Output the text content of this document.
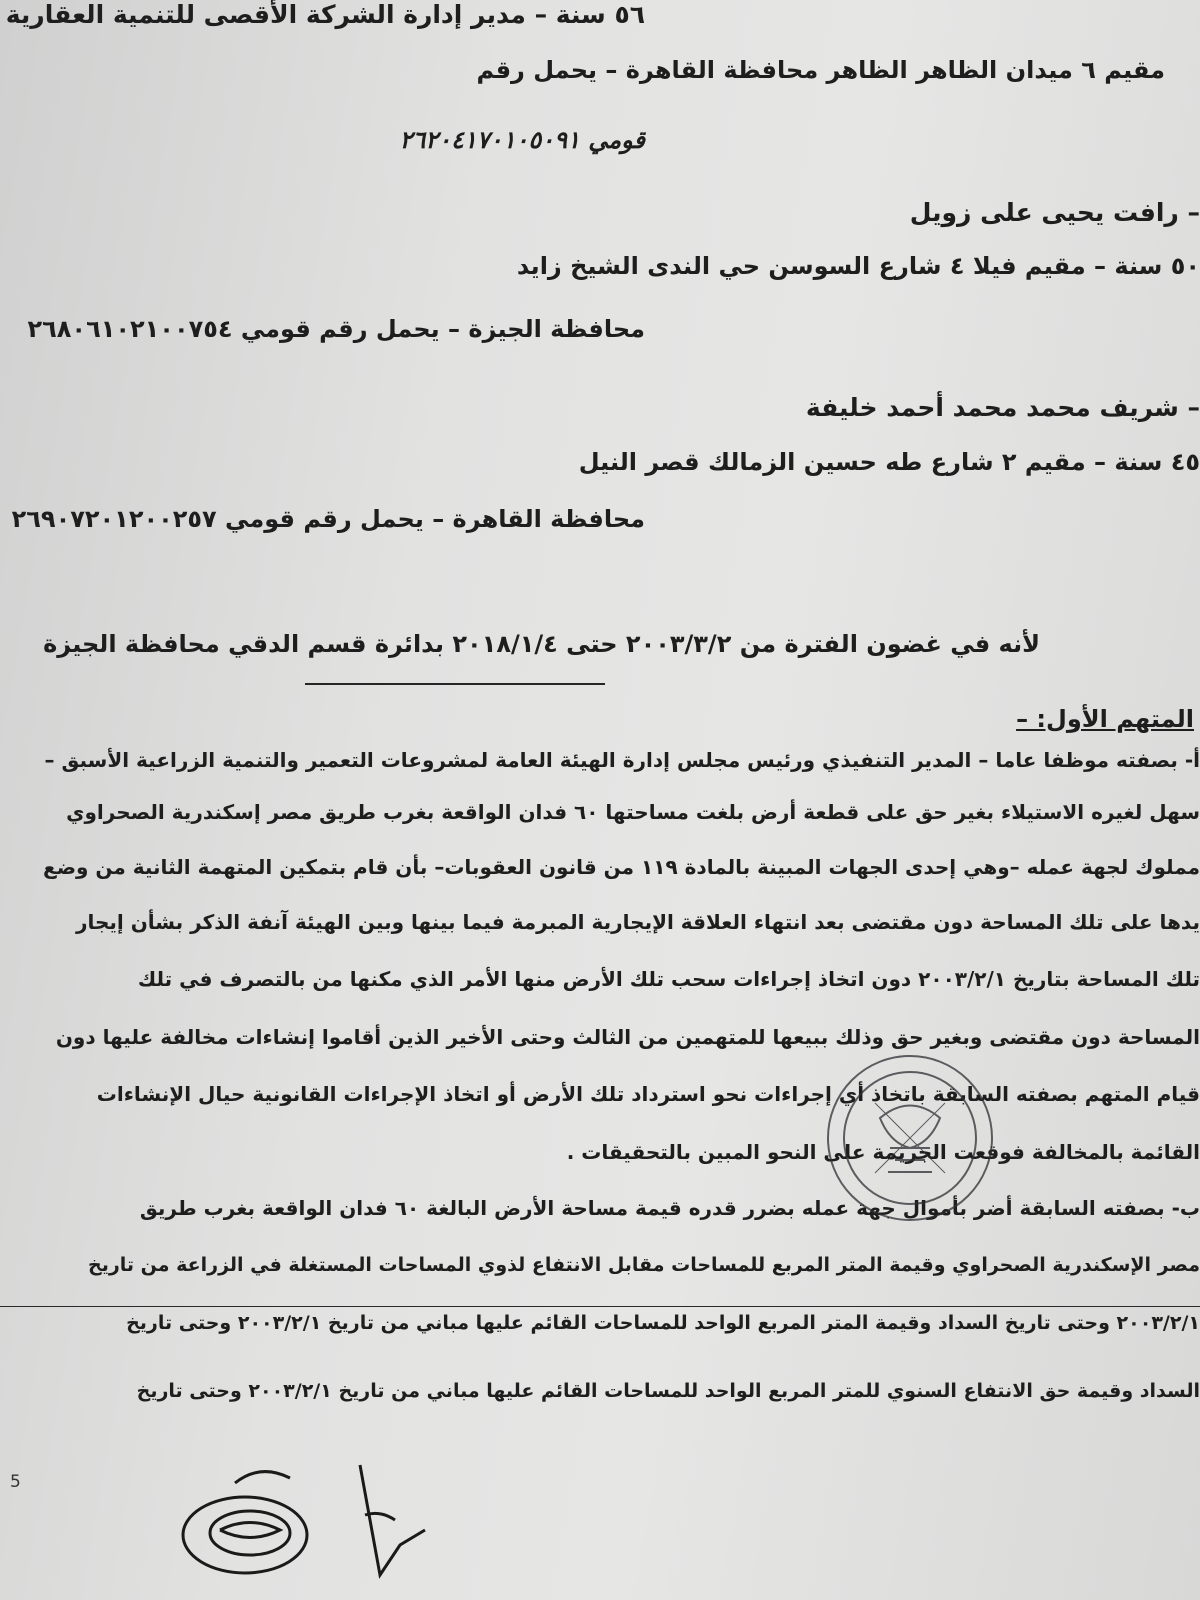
٥٦ سنة – مدير إدارة الشركة الأقصى للتنمية العقارية
مقيم ٦ ميدان الظاهر الظاهر محافظة القاهرة – يحمل رقم
قومي ٢٦٢٠٤١٧٠١٠٥٠٩١
– رافت يحيى على زويل
٥٠ سنة – مقيم فيلا ٤ شارع السوسن حي الندى الشيخ زايد
محافظة الجيزة – يحمل رقم قومي ٢٦٨٠٦١٠٢١٠٠٧٥٤
– شريف محمد محمد أحمد خليفة
٤٥ سنة – مقيم ٢ شارع طه حسين الزمالك قصر النيل
محافظة القاهرة – يحمل رقم قومي ٢٦٩٠٧٢٠١٢٠٠٢٥٧
لأنه في غضون الفترة من ٢٠٠٣/٣/٢ حتى ٢٠١٨/١/٤ بدائرة قسم الدقي محافظة الجيزة
المتهم الأول: –
أ- بصفته موظفا عاما – المدير التنفيذي ورئيس مجلس إدارة الهيئة العامة لمشروعات التعمير والتنمية الزراعية الأسبق –
سهل لغيره الاستيلاء بغير حق على قطعة أرض بلغت مساحتها ٦٠ فدان الواقعة بغرب طريق مصر إسكندرية الصحراوي
مملوك لجهة عمله –وهي إحدى الجهات المبينة بالمادة ١١٩ من قانون العقوبات– بأن قام بتمكين المتهمة الثانية من وضع
يدها على تلك المساحة دون مقتضى بعد انتهاء العلاقة الإيجارية المبرمة فيما بينها وبين الهيئة آنفة الذكر بشأن إيجار
تلك المساحة بتاريخ ٢٠٠٣/٢/١ دون اتخاذ إجراءات سحب تلك الأرض منها الأمر الذي مكنها من بالتصرف في تلك
المساحة دون مقتضى وبغير حق وذلك ببيعها للمتهمين من الثالث وحتى الأخير الذين أقاموا إنشاءات مخالفة عليها دون
قيام المتهم بصفته السابقة باتخاذ أي إجراءات نحو استرداد تلك الأرض أو اتخاذ الإجراءات القانونية حيال الإنشاءات
القائمة بالمخالفة فوقعت الجريمة على النحو المبين بالتحقيقات .
ب- بصفته السابقة أضر بأموال جهة عمله بضرر قدره قيمة مساحة الأرض البالغة ٦٠ فدان الواقعة بغرب طريق
مصر الإسكندرية الصحراوي وقيمة المتر المربع للمساحات مقابل الانتفاع لذوي المساحات المستغلة في الزراعة من تاريخ
٢٠٠٣/٢/١ وحتى تاريخ السداد وقيمة المتر المربع الواحد للمساحات القائم عليها مباني من تاريخ ٢٠٠٣/٢/١ وحتى تاريخ
السداد وقيمة حق الانتفاع السنوي للمتر المربع الواحد للمساحات القائم عليها مباني من تاريخ ٢٠٠٣/٢/١ وحتى تاريخ
5
